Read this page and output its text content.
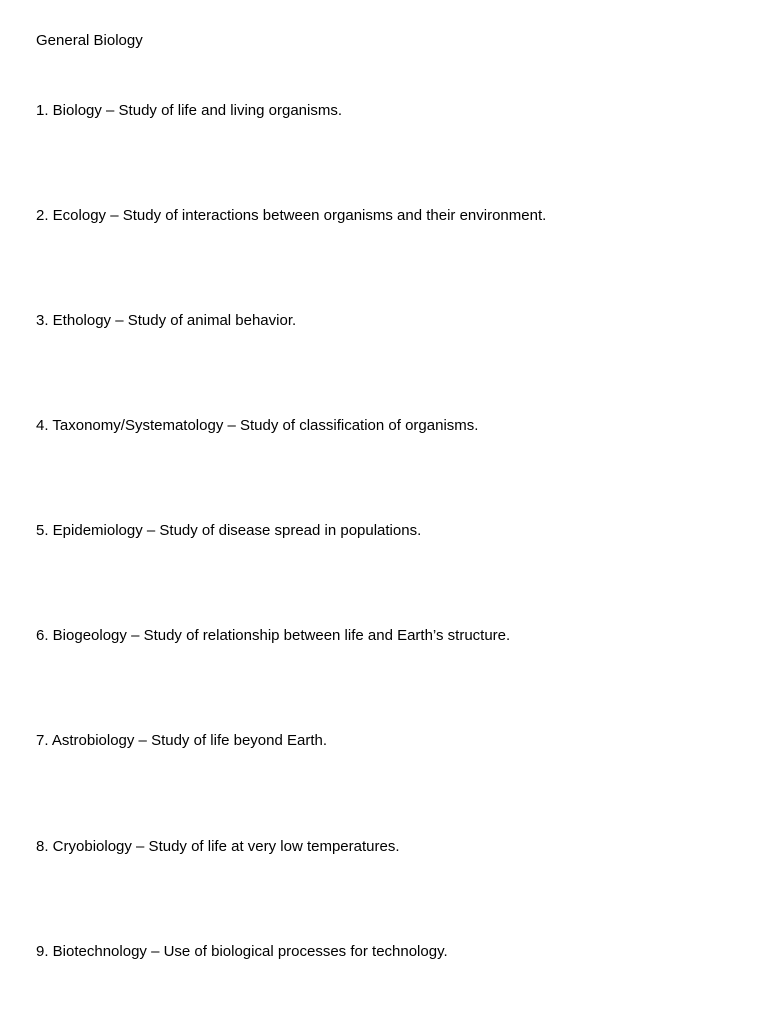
General Biology
1. Biology – Study of life and living organisms.
2. Ecology – Study of interactions between organisms and their environment.
3. Ethology – Study of animal behavior.
4. Taxonomy/Systematology – Study of classification of organisms.
5. Epidemiology – Study of disease spread in populations.
6. Biogeology – Study of relationship between life and Earth’s structure.
7. Astrobiology – Study of life beyond Earth.
8. Cryobiology – Study of life at very low temperatures.
9. Biotechnology – Use of biological processes for technology.
